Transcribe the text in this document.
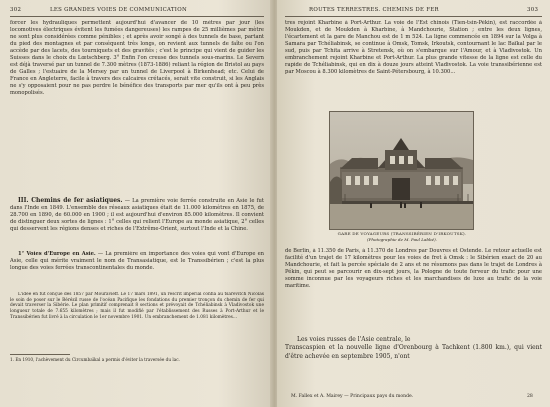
302	LES GRANDES VOIES DE COMMUNICATION

forcer les hydrauliques permettent aujourd'hui d'avancer de 10 mètres par jour (les locomotives électriques évitent les fumées dangereuses) les rampes de 25 millièmes par mètre ne sont plus considérées comme pénibles ; et après avoir songé à des tunnels de base, partant du pied des montagnes et par conséquent très longs, on revient aux tunnels de faîte ou l'on accède par des lacets, des tourniquets et des gravités ; c'est le principe qui vient de guider les Suisses dans le choix du Lœtschberg. 3° Enfin l'on creuse des tunnels sous-marins. Le Severn est déjà traversé par un tunnel de 7.300 mètres (1873-1886) reliant la région de Bristol au pays de Galles ; l'estuaire de la Mersey par un tunnel de Liverpool à Birkenhead; etc. Celui de France en Angleterre, facile à travers des calcaires crétacés, serait vite construit, si les Anglais ne s'y opposaient pour ne pas perdre le bénéfice des transports par mer qu'ils ont à peu près monopolisés.

III. Chemins de fer asiatiques. — La première voie ferrée construite en Asie le fut dans l'Inde en 1849. L'ensemble des réseaux asiatiques était de 11.000 kilomètres en 1875, de 28.700 en 1890, de 60.000 en 1900 ; il est aujourd'hui d'environ 85.000 kilomètres. Il convient de distinguer deux sortes de lignes : 1° celles qui relient l'Europe au monde asiatique, 2° celles qui desservent les régions denses et riches de l'Extrême-Orient, surtout l'Inde et la Chine.

1° Voies d'Europe en Asie. — La première en importance des voies qui vont d'Europe en Asie, celle qui mérite vraiment le nom de Transasiatique, est le Transsibérien ; c'est la plus longue des voies ferrées transcontinentales du monde.

L'idée en fut conçue dès 1857 par Mouravieff. Le 17 mars 1891, un rescrit impérial confia au tsarévitch Nicolas le soin de poser sur le Bérézil russe de l'océan Pacifique les fondations du premier tronçon du chemin de fer qui devait traverser la Sibérie. Le plan primitif comprenait 8 sections et prévoyait de Tchéliabinsk à Vladivostok une longueur totale de 7.655 kilomètres ; mais il fut modifié par l'établissement des Russes à Port-Arthur et le Transsibérien fut livré à la circulation le 1er novembre 1901. Un embranchement de 1.081 kilomètres...

1. En 1910, l'achèvement du Circumbaïkal a permis d'éviter la traversée du lac.
ROUTES TERRESTRES. CHEMINS DE FER	303

tres rejoint Kharbine à Port-Arthur. La voie de l'Est chinois (Tien-tsin-Pékin), est raccordée à Moukden, et de Moukden à Kharbine, à Mandchourie, Station ; entre les deux lignes, l'écartement et la gare de Manchou est de 1 m 524. La ligne commencée en 1894 sur la Volga à Samara par Tchéliabinsk, se continue à Omsk, Tomsk, Irkoutsk, contournant le lac Baïkal par le sud, puis par Tchita arrive à Stretensk, où on s'embarque sur l'Amour, et à Vladivostok. Un embranchement rejoint Kharbine et Port-Arthur. La plus grande vitesse de la ligne est celle du rapide de Tchéliabinsk, qui en dix à douze jours atteint Vladivostok. La voie transsibérienne est par Moscou à 8.300 kilomètres de Saint-Pétersbourg, à 10.300...

GARE DE VOYAGEURS (TRANSSIBÉRIEN D'IRKOUTSK).
(Photographie de M. Paul Labbé).

de Berlin, à 11.350 de Paris, à 11.370 de Londres par Douvres et Ostende. Le retour actuelle est facilité d'un trajet de 17 kilomètres pour les voies de fret à Omsk : le Sibérien exact de 20 au Mandchourie, et fait la percée spéciale de 2 ans et ne résumons pas dans le trajet de Londres à Pékin, qui peut se parcourir en dix-sept jours, la Pologne de toute ferveur du trafic pour une somme inconnue par les voyageurs riches et les marchandises de luxe au trafic de la voie maritime.

Les voies russes de l'Asie centrale, le

Transcaspien et la nouvelle ligne d'Orenbourg à Tachkent (1.800 km.), qui vient d'être achevée en septembre 1905, n'ont

M. Fallex et A. Mairey — Principaux pays du monde.	28
